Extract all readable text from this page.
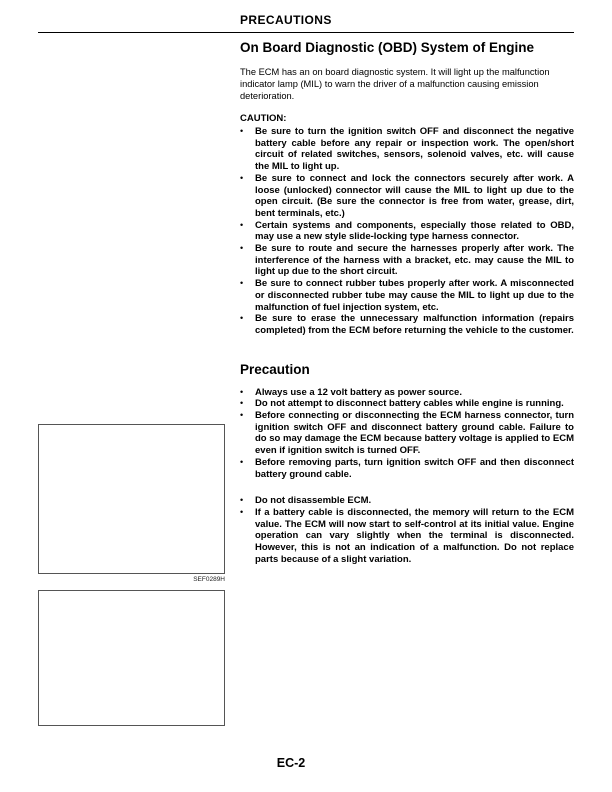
PRECAUTIONS
SEF0289H
On Board Diagnostic (OBD) System of Engine

The ECM has an on board diagnostic system. It will light up the malfunction indicator lamp (MIL) to warn the driver of a malfunction causing emission deterioration.

CAUTION:
•	Be sure to turn the ignition switch OFF and disconnect the negative battery cable before any repair or inspection work. The open/short circuit of related switches, sensors, solenoid valves, etc. will cause the MIL to light up.
•	Be sure to connect and lock the connectors securely after work. A loose (unlocked) connector will cause the MIL to light up due to the open circuit. (Be sure the connector is free from water, grease, dirt, bent terminals, etc.)
•	Certain systems and components, especially those related to OBD, may use a new style slide-locking type harness connector.
•	Be sure to route and secure the harnesses properly after work. The interference of the harness with a bracket, etc. may cause the MIL to light up due to the short circuit.
•	Be sure to connect rubber tubes properly after work. A misconnected or disconnected rubber tube may cause the MIL to light up due to the malfunction of fuel injection system, etc.
•	Be sure to erase the unnecessary malfunction information (repairs completed) from the ECM before returning the vehicle to the customer.
Precaution
•	Always use a 12 volt battery as power source.
•	Do not attempt to disconnect battery cables while engine is running.
•	Before connecting or disconnecting the ECM harness connector, turn ignition switch OFF and disconnect battery ground cable. Failure to do so may damage the ECM because battery voltage is applied to ECM even if ignition switch is turned OFF.
•	Before removing parts, turn ignition switch OFF and then disconnect battery ground cable.
•	Do not disassemble ECM.
•	If a battery cable is disconnected, the memory will return to the ECM value. The ECM will now start to self-control at its initial value. Engine operation can vary slightly when the terminal is disconnected. However, this is not an indication of a malfunction. Do not replace parts because of a slight variation.
EC-2
